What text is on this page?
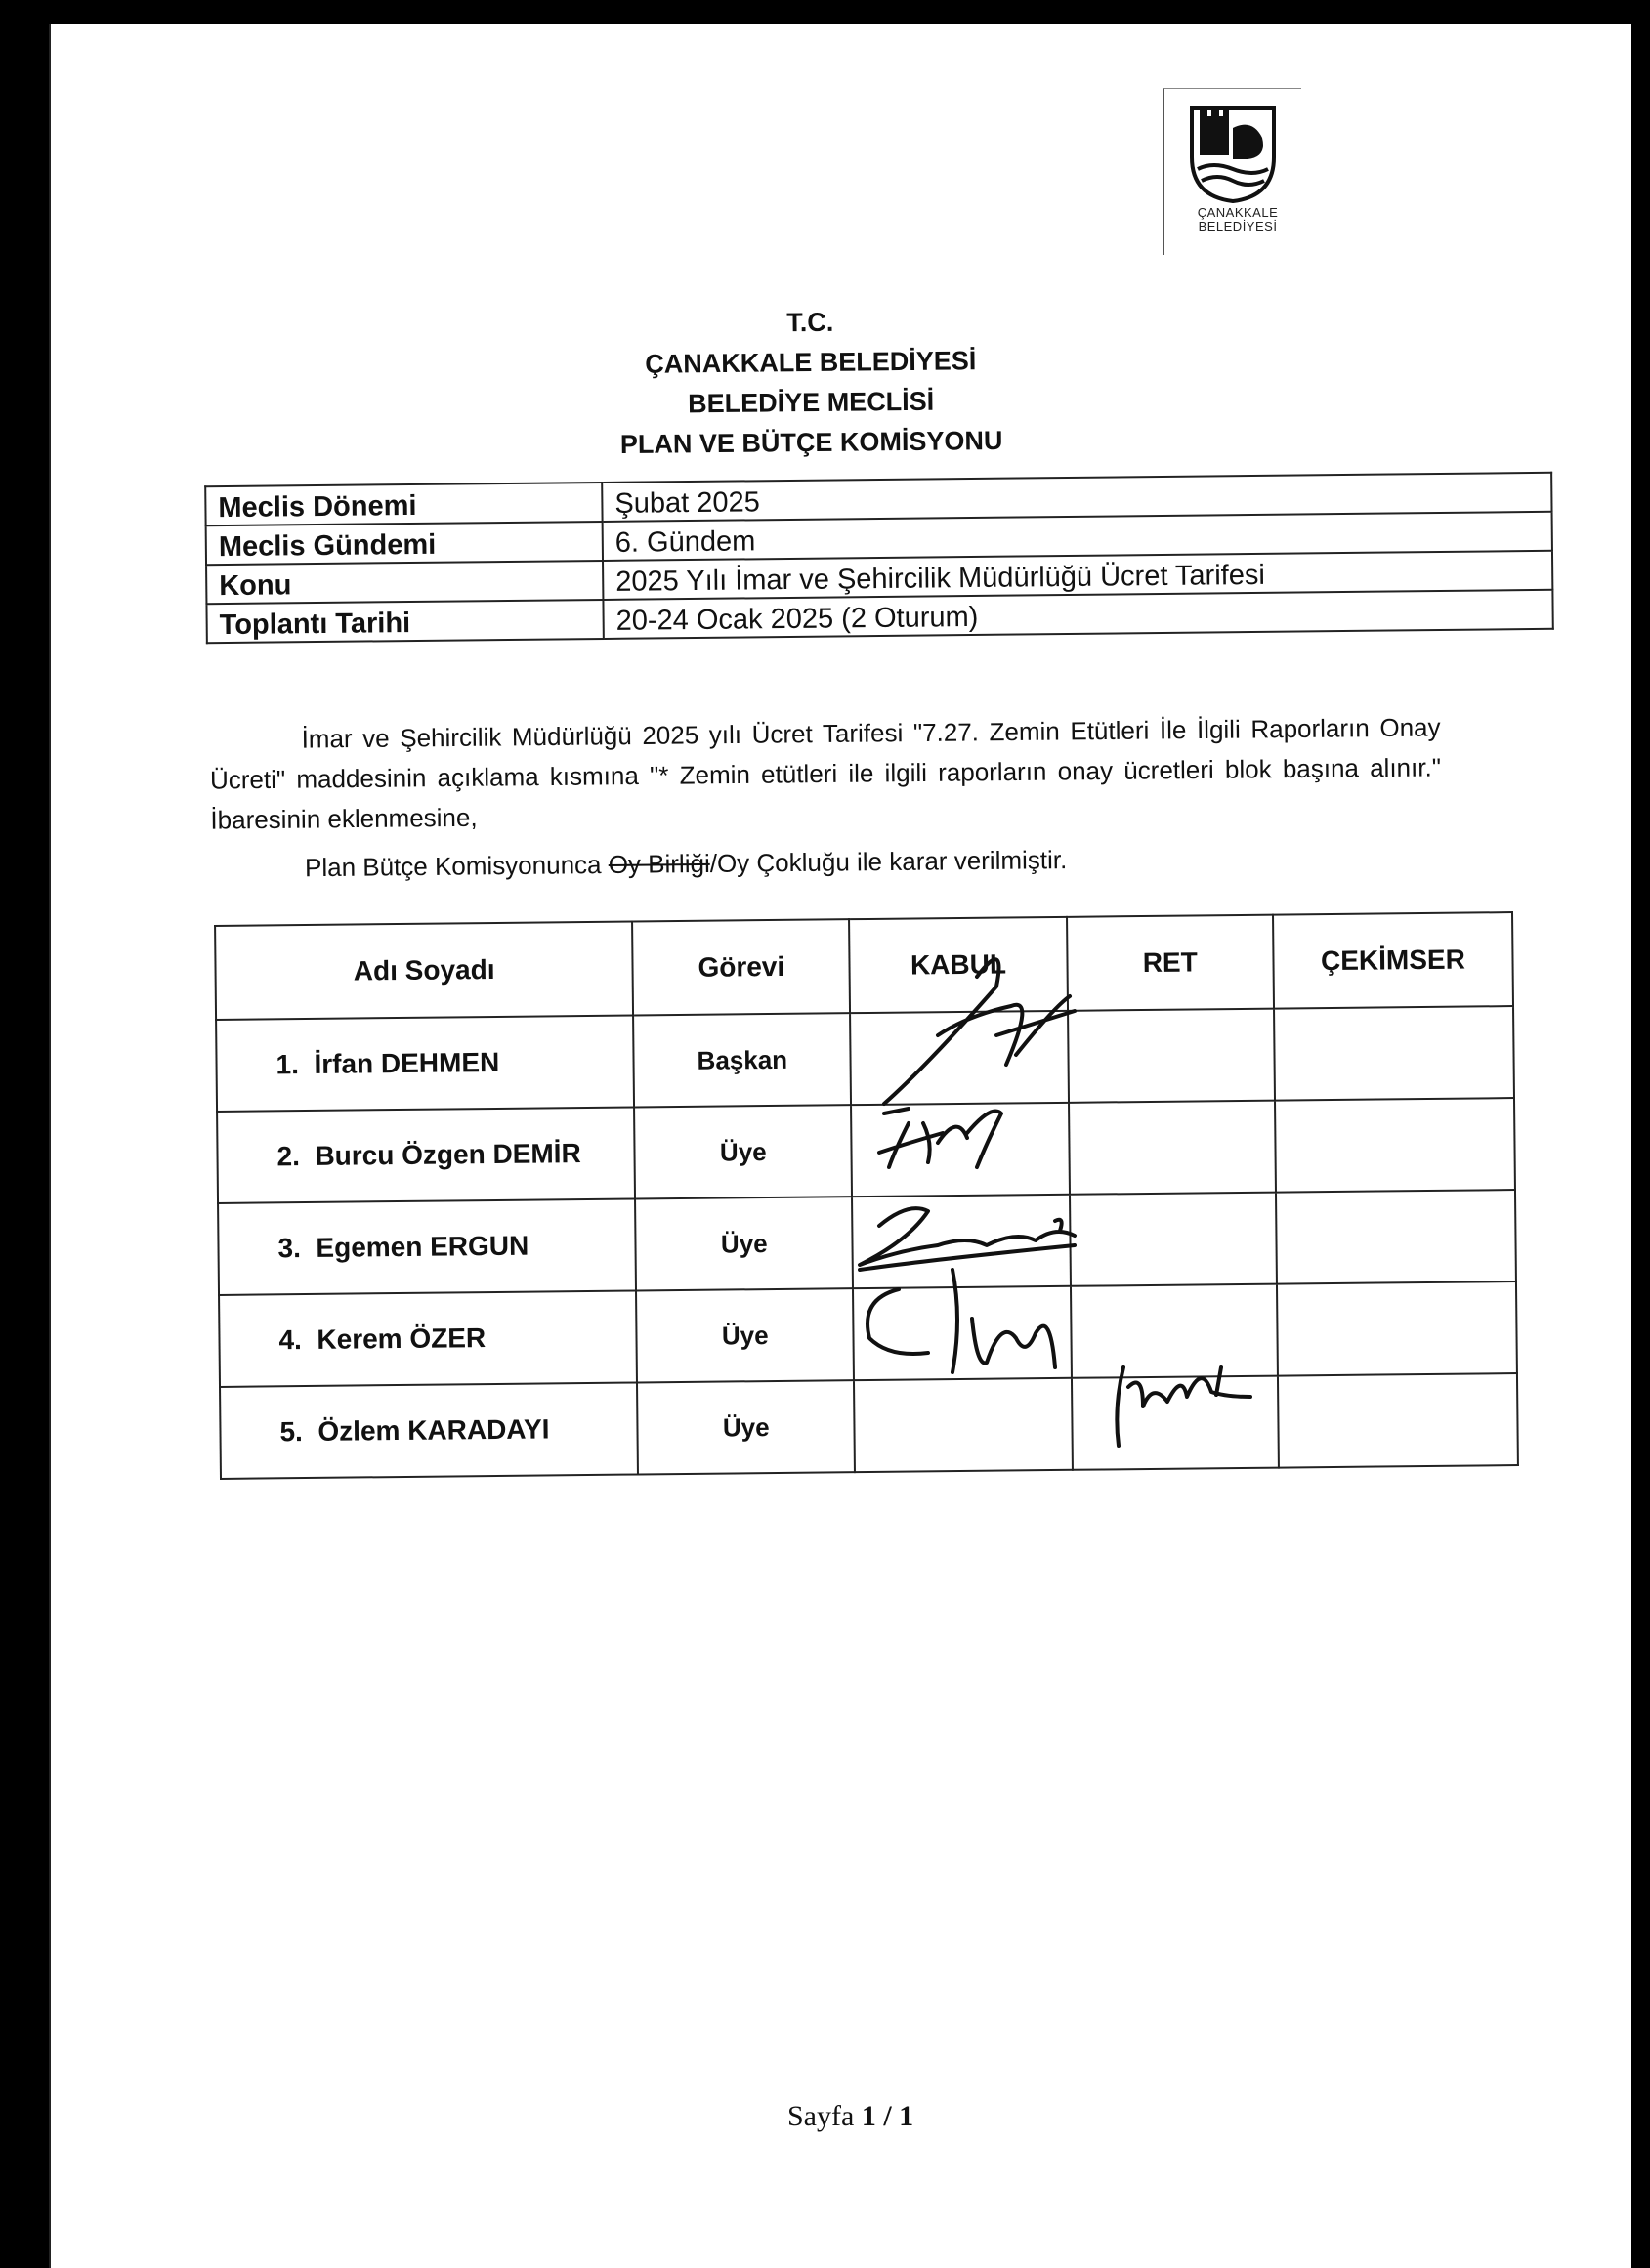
ÇANAKKALE
BELEDİYESİ
T.C.
ÇANAKKALE BELEDİYESİ
BELEDİYE MECLİSİ
PLAN VE BÜTÇE KOMİSYONU
Meclis Dönemi	Şubat 2025
Meclis Gündemi	6. Gündem
Konu	2025 Yılı İmar ve Şehircilik Müdürlüğü Ücret Tarifesi
Toplantı Tarihi	20-24 Ocak 2025 (2 Oturum)

İmar ve Şehircilik Müdürlüğü 2025 yılı Ücret Tarifesi "7.27. Zemin Etütleri İle İlgili Raporların Onay Ücreti" maddesinin açıklama kısmına "* Zemin etütleri ile ilgili raporların onay ücretleri blok başına alınır." İbaresinin eklenmesine,

Plan Bütçe Komisyonunca Oy Birliği/Oy Çokluğu ile karar verilmiştir.
Adı Soyadı	Görevi	KABUL	RET	ÇEKİMSER
1. İrfan DEHMEN	Başkan			
2. Burcu Özgen DEMİR	Üye			
3. Egemen ERGUN	Üye			
4. Kerem ÖZER	Üye			
5. Özlem KARADAYI	Üye			
Sayfa 1 / 1
